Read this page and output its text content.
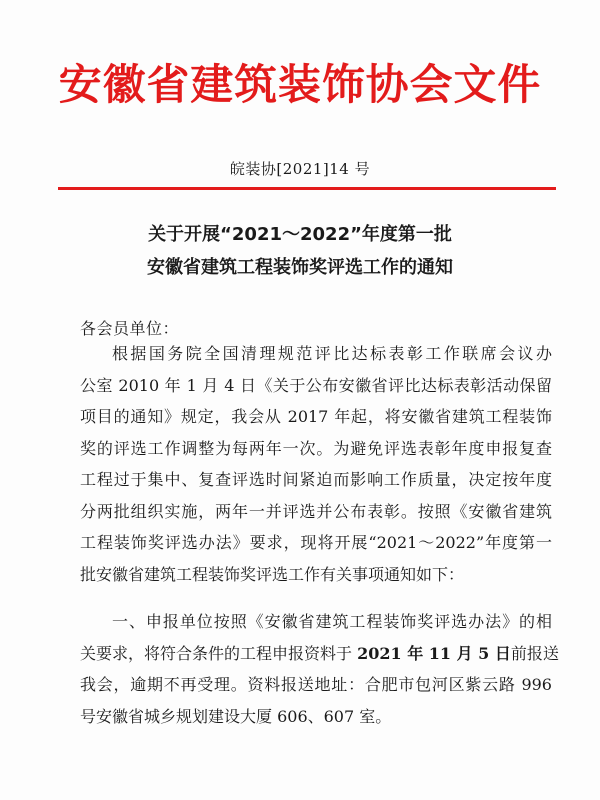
安徽省建筑装饰协会文件
皖装协[2021]14 号
关于开展“2021～2022”年度第一批
安徽省建筑工程装饰奖评选工作的通知
各会员单位：
根据国务院全国清理规范评比达标表彰工作联席会议办
公室 2010 年 1 月 4 日《关于公布安徽省评比达标表彰活动保留
项目的通知》规定，我会从 2017 年起，将安徽省建筑工程装饰
奖的评选工作调整为每两年一次。为避免评选表彰年度申报复查
工程过于集中、复查评选时间紧迫而影响工作质量，决定按年度
分两批组织实施，两年一并评选并公布表彰。按照《安徽省建筑
工程装饰奖评选办法》要求，现将开展“2021～2022”年度第一
批安徽省建筑工程装饰奖评选工作有关事项通知如下：
一、申报单位按照《安徽省建筑工程装饰奖评选办法》的相
关要求，将符合条件的工程申报资料于 2021 年 11 月 5 日前报送
我会，逾期不再受理。资料报送地址：合肥市包河区紫云路 996
号安徽省城乡规划建设大厦 606、607 室。
